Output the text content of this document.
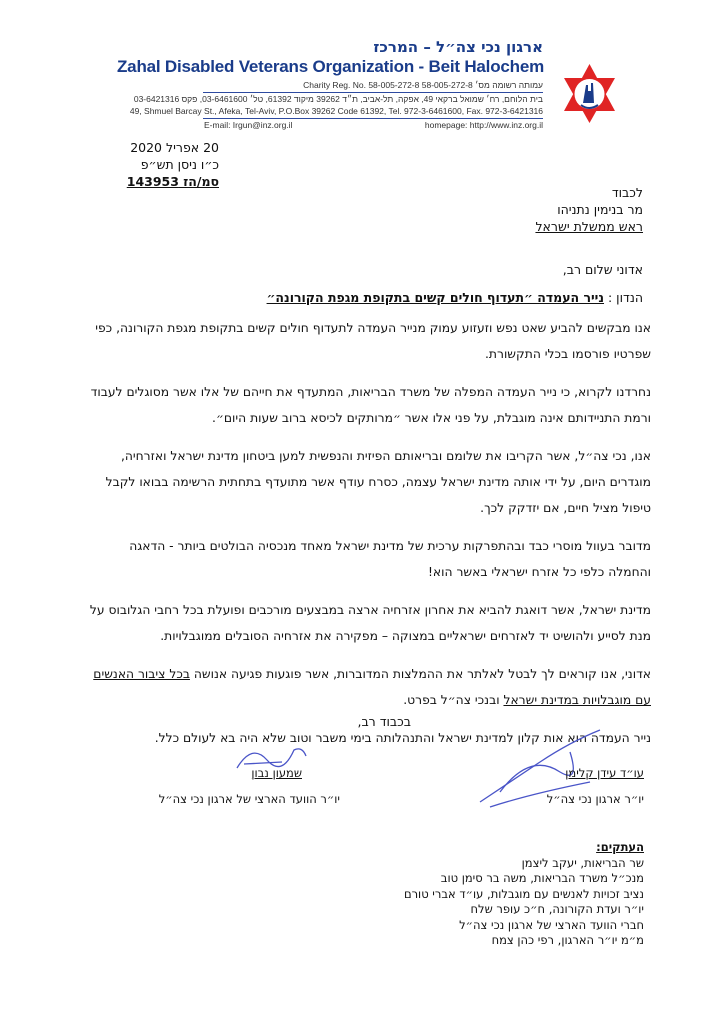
ארגון נכי צה״ל – המרכז
Zahal Disabled Veterans Organization - Beit Halochem
Charity Reg. No. 58-005-272-8 עמותה רשומה מס׳ 58-005-272-8
בית הלוחם, רח׳ שמואל ברקאי 49, אפקה, תל-אביב, ת״ד 39262 מיקוד 61392, טל׳ 03-6461600, פקס 03-6421316
49, Shmuel Barcay St., Afeka, Tel-Aviv, P.O.Box 39262 Code 61392, Tel. 972-3-6461600, Fax. 972-3-6421316
E-mail: Irgun@inz.org.il	homepage: http://www.inz.org.il
20 אפריל 2020
כ״ו ניסן תש״פ
סמ/הז 143953
לכבוד
מר בנימין נתניהו
ראש ממשלת ישראל
אדוני שלום רב,
הנדון : נייר העמדה ״תעדוף חולים קשים בתקופת מגפת הקורונה״

אנו מבקשים להביע שאט נפש וזעזוע עמוק מנייר העמדה לתעדוף חולים קשים בתקופת מגפת הקורונה, כפי שפרטיו פורסמו בכלי התקשורת.

נחרדנו לקרוא, כי נייר העמדה המפלה של משרד הבריאות, המתעדף את חייהם של אלו אשר מסוגלים לעבוד ורמת התניידותם אינה מוגבלת, על פני אלו אשר ״מרותקים לכיסא ברוב שעות היום״.

אנו, נכי צה״ל, אשר הקריבו את שלומם ובריאותם הפיזית והנפשית למען ביטחון מדינת ישראל ואזרחיה, מוגדרים היום, על ידי אותה מדינת ישראל עצמה, כסרח עודף אשר מתועדף בתחתית הרשימה בבואו לקבל טיפול מציל חיים, אם יזדקק לכך.

מדובר בעוול מוסרי כבד ובהתפרקות ערכית של מדינת ישראל מאחד מנכסיה הבולטים ביותר - הדאגה והחמלה כלפי כל אזרח ישראלי באשר הוא!

מדינת ישראל, אשר דואגת להביא את אחרון אזרחיה ארצה במבצעים מורכבים ופועלת בכל רחבי הגלובוס על מנת לסייע ולהושיט יד לאזרחים ישראליים במצוקה – מפקירה את אזרחיה הסובלים ממוגבלויות.

אדוני, אנו קוראים לך לבטל לאלתר את ההמלצות המדוברות, אשר פוגעות פגיעה אנושה בכל ציבור האנשים עם מוגבלויות במדינת ישראל ובנכי צה״ל בפרט.

נייר העמדה הוא אות קלון למדינת ישראל והתנהלותה בימי משבר וטוב שלא היה בא לעולם כלל.

בכבוד רב,
שמעון נבון
יו״ר הוועד הארצי של ארגון נכי צה״ל
עו״ד עידן קלימן
יו״ר ארגון נכי צה״ל
העתקים:
שר הבריאות, יעקב ליצמן
מנכ״ל משרד הבריאות, משה בר סימן טוב
נציב זכויות לאנשים עם מוגבלות, עו״ד אברי טורם
יו״ר ועדת הקורונה, ח״כ עופר שלח
חברי הוועד הארצי של ארגון נכי צה״ל
מ״מ יו״ר הארגון, רפי כהן צמח
